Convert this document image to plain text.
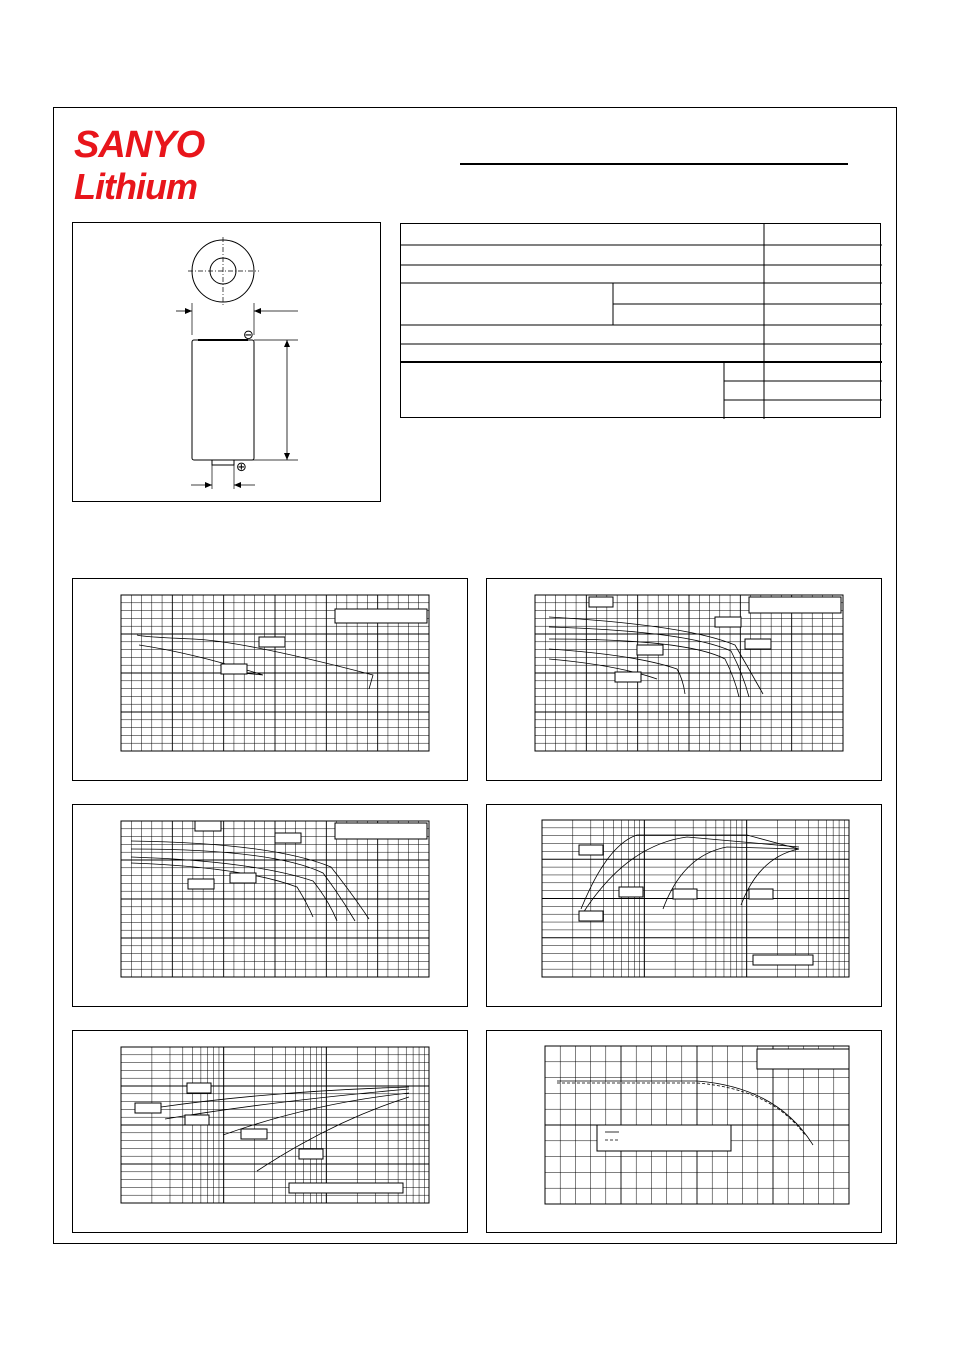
SANYO
Lithium
⊖
⊕
